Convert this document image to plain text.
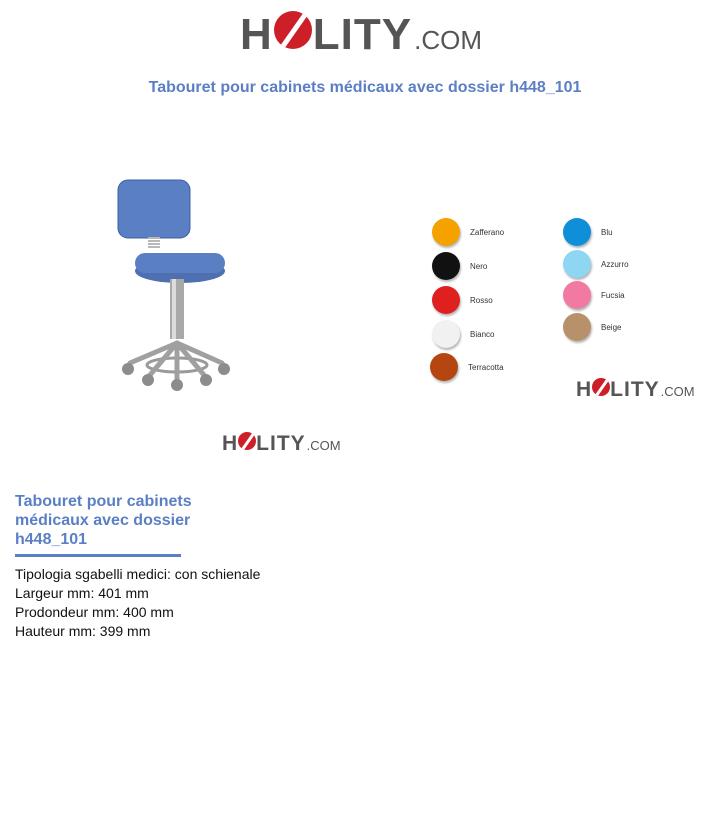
H LITY .COM
Tabouret pour cabinets médicaux avec dossier h448_101
H LITY .COM
Zafferano
Nero
Rosso
Bianco
Terracotta
Blu
Azzurro
Fucsia
Beige
H LITY .COM
Tabouret pour cabinets médicaux avec dossier h448_101
Tipologia sgabelli medici: con schienale
Largeur mm: 401 mm
Prodondeur mm: 400 mm
Hauteur mm: 399 mm
